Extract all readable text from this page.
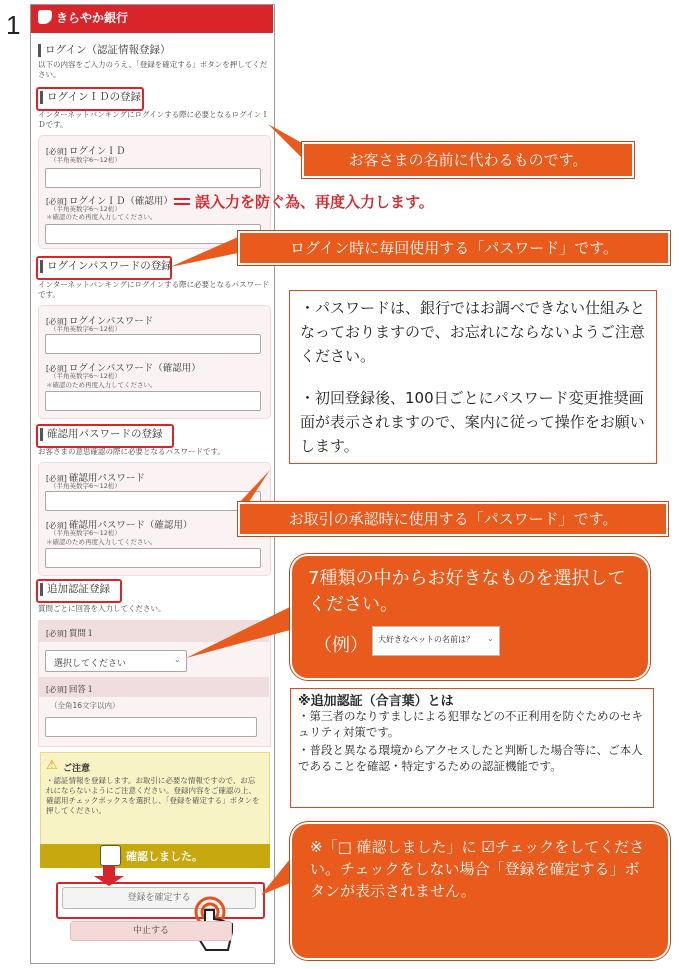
1	きらやか銀行
ログイン（認証情報登録）
以下の内容をご入力のうえ、「登録を確定する」ボタンを押してください。
ログインＩＤの登録
インターネットバンキングにログインする際に必要となるログインＩＤです。
[必須] ログインＩＤ
（半角英数字6～12桁）
[必須] ログインＩＤ（確認用）
（半角英数字6～12桁）
＊確認のため再度入力してください。
ログインパスワードの登録
インターネットバンキングにログインする際に必要となるパスワードです。
[必須] ログインパスワード
（半角英数字6～12桁）
[必須] ログインパスワード（確認用）
（半角英数字6～12桁）
＊確認のため再度入力してください。
確認用パスワードの登録
お客さまの意思確認の際に必要となるパスワードです。
[必須] 確認用パスワード
（半角英数字6～12桁）
[必須] 確認用パスワード（確認用）
（半角英数字6～12桁）
＊確認のため再度入力してください。
追加認証登録
質問ごとに回答を入力してください。
[必須] 質問１
選択してください	⌄
[必須] 回答１
（全角16文字以内）
⚠ ご注意
・認証情報を登録します。お取引に必要な情報ですので、お忘れにならないようにご注意ください。登録内容をご確認の上、確認用チェックボックスを選択し、「登録を確定する」ボタンを押してください。
確認しました。
登録を確定する
中止する
お客さまの名前に代わるものです。
誤入力を防ぐ為、再度入力します。
ログイン時に毎回使用する「パスワード」です。
・パスワードは、銀行ではお調べできない仕組みとなっておりますので、お忘れにならないようご注意ください。
・初回登録後、100日ごとにパスワード変更推奨画面が表示されますので、案内に従って操作をお願いします。
お取引の承認時に使用する「パスワード」です。
7種類の中からお好きなものを選択してください。
（例） 大好きなペットの名前は？ ⌄
※追加認証（合言葉）とは
・第三者のなりすましによる犯罪などの不正利用を防ぐためのセキュリティ対策です。
・普段と異なる環境からアクセスしたと判断した場合等に、ご本人であることを確認・特定するための認証機能です。
※「□ 確認しました」に ☑チェックをしてください。チェックをしない場合「登録を確定する」ボタンが表示されません。
